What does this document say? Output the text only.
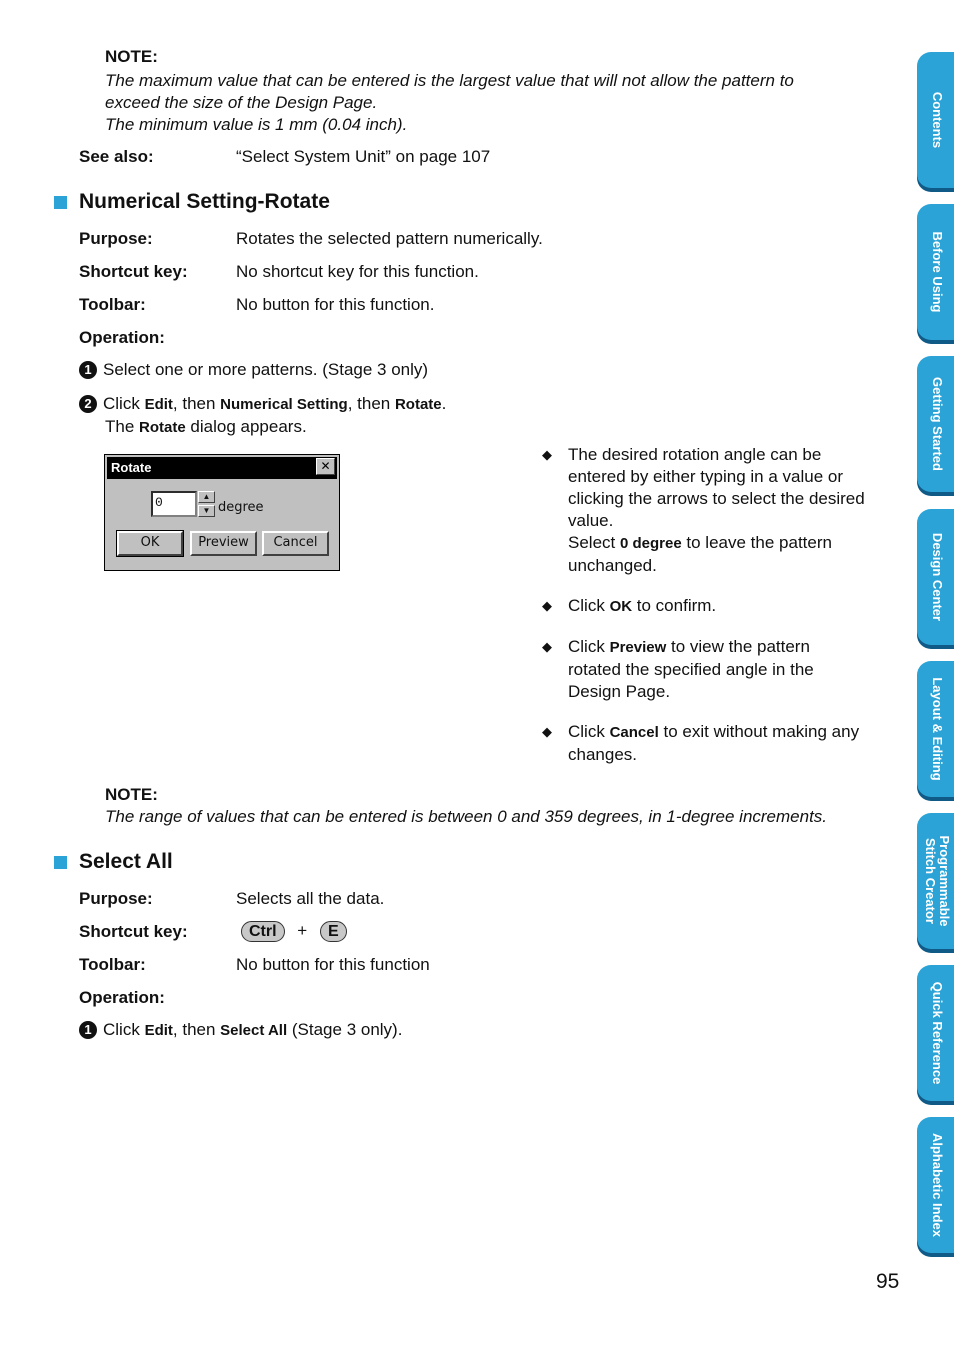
NOTE:
The maximum value that can be entered is the largest value that will not allow the pattern to
exceed the size of the Design Page.
The minimum value is 1 mm (0.04 inch).
See also:	“Select System Unit” on page 107
Numerical Setting-Rotate
Purpose:	Rotates the selected pattern numerically.
Shortcut key:	No shortcut key for this function.
Toolbar:	No button for this function.
Operation:
1 Select one or more patterns. (Stage 3 only)
2 Click Edit, then Numerical Setting, then Rotate.
The Rotate dialog appears.
Rotate	✕
0	▲
▼ degree
OK	Preview	Cancel
◆ The desired rotation angle can be
entered by either typing in a value or
clicking the arrows to select the desired
value.
Select 0 degree to leave the pattern
unchanged.
◆ Click OK to confirm.
◆ Click Preview to view the pattern
rotated the specified angle in the
Design Page.
◆ Click Cancel to exit without making any
changes.
NOTE:
The range of values that can be entered is between 0 and 359 degrees, in 1-degree increments.
Select All
Purpose:	Selects all the data.
Shortcut key:	Ctrl + E
Toolbar:	No button for this function
Operation:
1 Click Edit, then Select All (Stage 3 only).
Contents
Before Using
Getting Started
Design Center
Layout & Editing
Programmable
Stitch Creator
Quick Reference
Alphabetic Index
95
